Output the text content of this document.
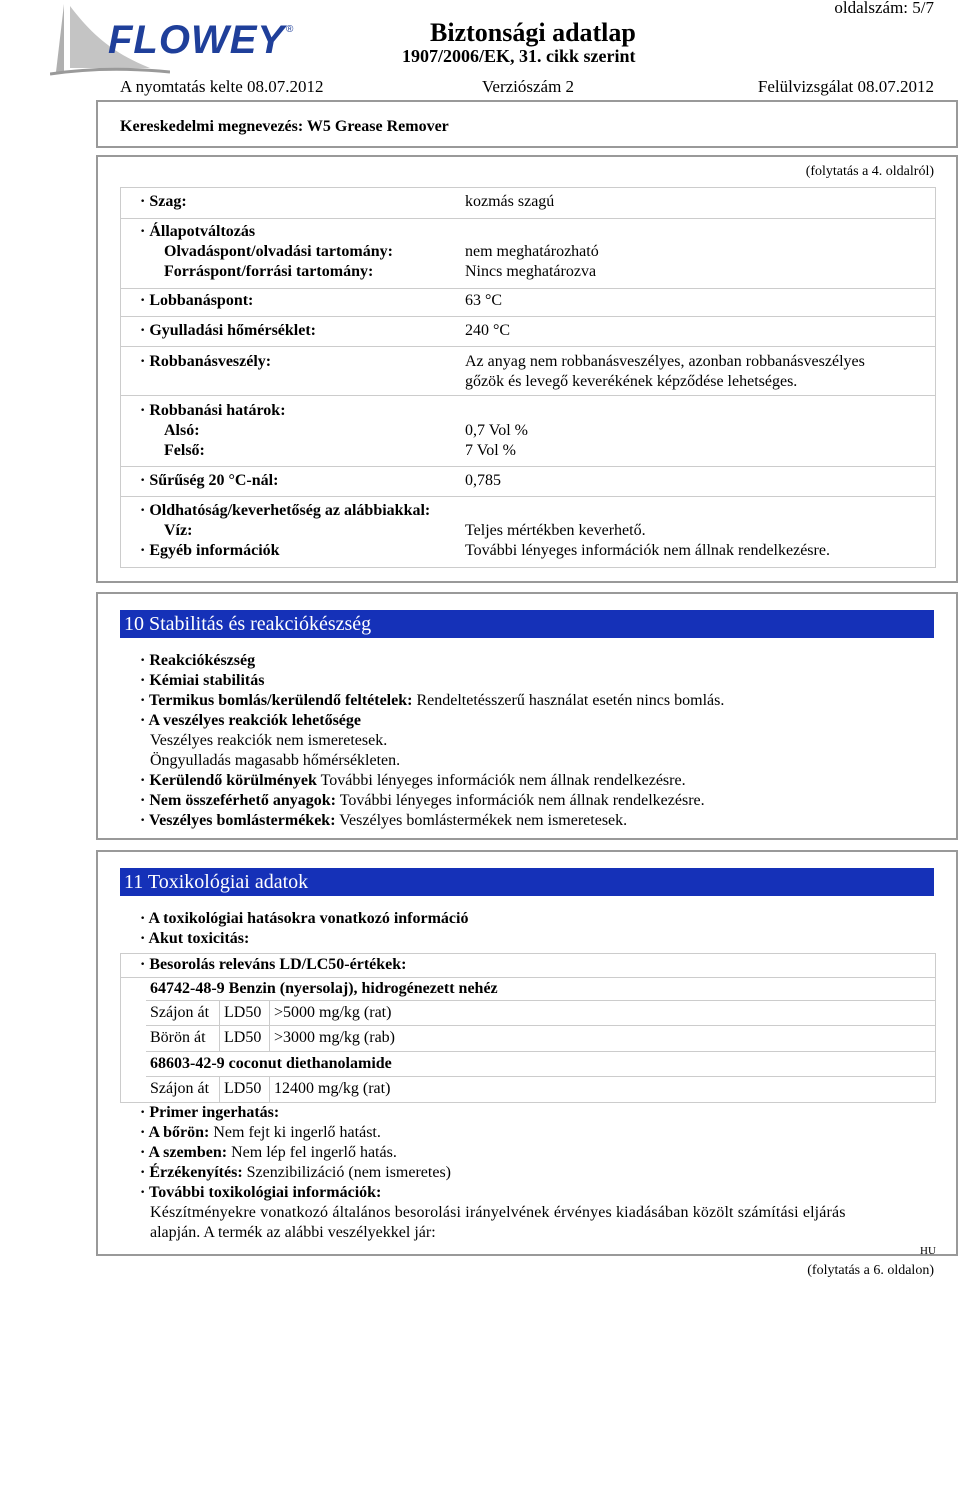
FLOWEY ®	Biztonsági adatlap
1907/2006/EK, 31. cikk szerint
oldalszám: 5/7
A nyomtatás kelte 08.07.2012	Verziószám 2	Felülvizsgálat 08.07.2012
Kereskedelmi megnevezés: W5 Grease Remover
(folytatás a 4. oldalról)
· Szag:	kozmás szagú
· Állapotváltozás
Olvadáspont/olvadási tartomány:	nem meghatározható
Forráspont/forrási tartomány:	Nincs meghatározva
· Lobbanáspont:	63 °C
· Gyulladási hőmérséklet:	240 °C
· Robbanásveszély:	Az anyag nem robbanásveszélyes, azonban robbanásveszélyes
gőzök és levegő keverékének képződése lehetséges.
· Robbanási határok:
Alsó:	0,7 Vol %
Felső:	7 Vol %
· Sűrűség 20 °C-nál:	0,785
· Oldhatóság/keverhetőség az alábbiakkal:
Víz:	Teljes mértékben keverhető.
· Egyéb információk	További lényeges információk nem állnak rendelkezésre.
10 Stabilitás és reakciókészség
· Reakciókészség
· Kémiai stabilitás
· Termikus bomlás/kerülendő feltételek: Rendeltetésszerű használat esetén nincs bomlás.
· A veszélyes reakciók lehetősége
Veszélyes reakciók nem ismeretesek.
Öngyulladás magasabb hőmérsékleten.
· Kerülendő körülmények További lényeges információk nem állnak rendelkezésre.
· Nem összeférhető anyagok: További lényeges információk nem állnak rendelkezésre.
· Veszélyes bomlástermékek: Veszélyes bomlástermékek nem ismeretesek.
11 Toxikológiai adatok
· A toxikológiai hatásokra vonatkozó információ
· Akut toxicitás:
· Besorolás releváns LD/LC50-értékek:
64742-48-9 Benzin (nyersolaj), hidrogénezett nehéz
Szájon át LD50 >5000 mg/kg (rat)
Börön át LD50 >3000 mg/kg (rab)
68603-42-9 coconut diethanolamide
Szájon át LD50 12400 mg/kg (rat)
· Primer ingerhatás:
· A bőrön: Nem fejt ki ingerlő hatást.
· A szemben: Nem lép fel ingerlő hatás.
· Érzékenyítés: Szenzibilizáció (nem ismeretes)
· További toxikológiai információk:
Készítményekre vonatkozó általános besorolási irányelvének érvényes kiadásában közölt számítási eljárás
alapján. A termék az alábbi veszélyekkel jár:
HU
(folytatás a 6. oldalon)
